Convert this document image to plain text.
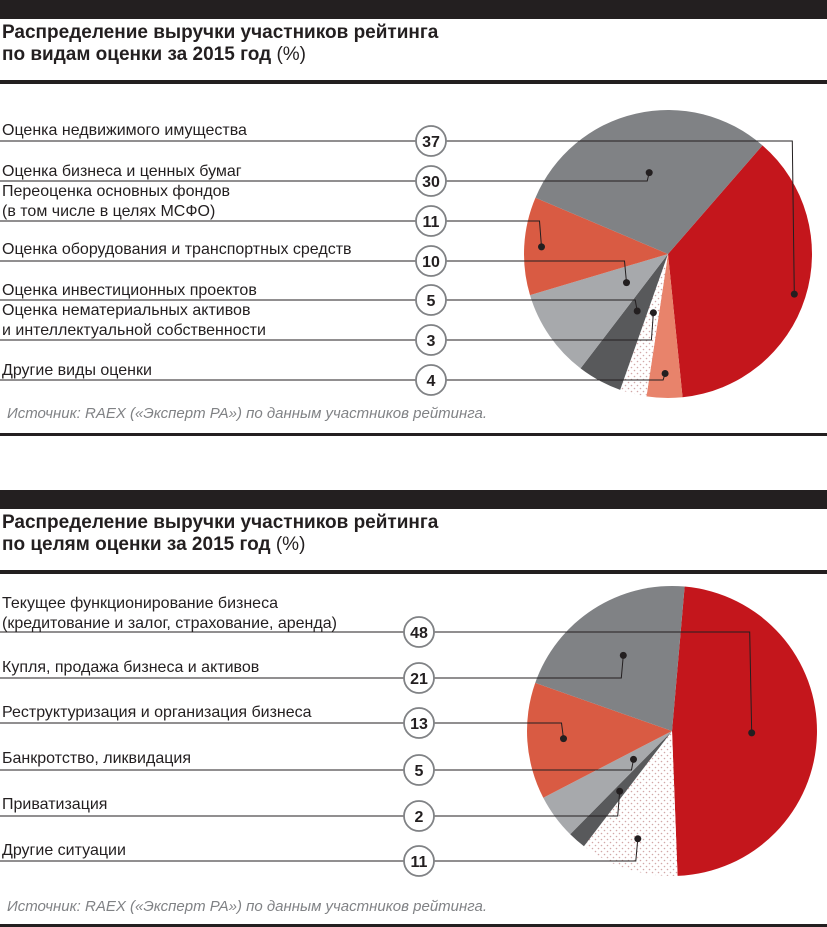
Распределение выручки участников рейтинга
по видам оценки за 2015 год (%)
Оценка недвижимого имущества
Оценка бизнеса и ценных бумаг
Переоценка основных фондов
(в том числе в целях МСФО)
Оценка оборудования и транспортных средств
Оценка инвестиционных проектов
Оценка нематериальных активов
и интеллектуальной собственности
Другие виды оценки
Источник: RAEX («Эксперт РА») по данным участников рейтинга.
37
30
11
10
5
3
4
Распределение выручки участников рейтинга
по целям оценки за 2015 год (%)
Текущее функционирование бизнеса
(кредитование и залог, страхование, аренда)
Купля, продажа бизнеса и активов
Реструктуризация и организация бизнеса
Банкротство, ликвидация
Приватизация
Другие ситуации
Источник: RAEX («Эксперт РА») по данным участников рейтинга.
48
21
13
5
2
11
